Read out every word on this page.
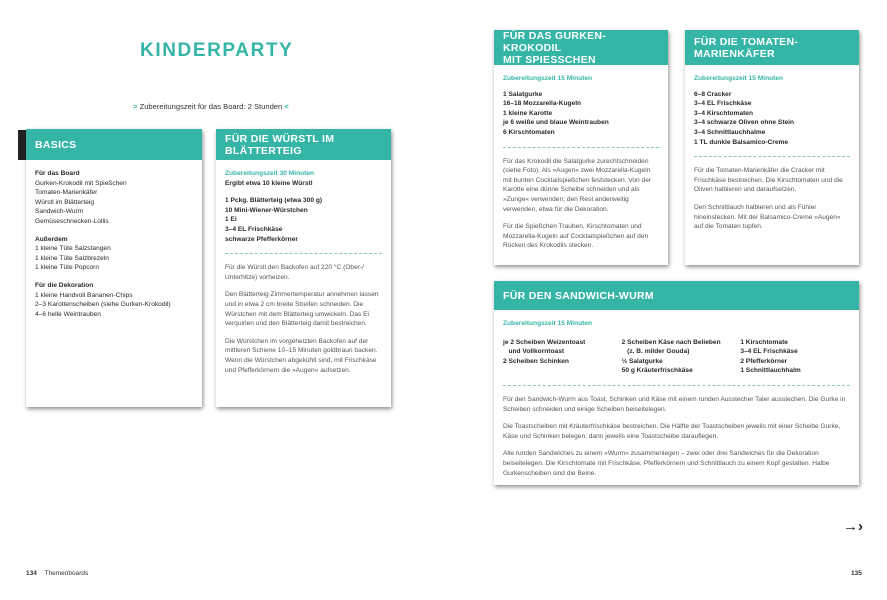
KINDERPARTY
> Zubereitungszeit für das Board: 2 Stunden <
BASICS
Für das Board
Gurken-Krokodil mit Spießchen
Tomaten-Marienkäfer
Würstl im Blätterteig
Sandwich-Wurm
Gemüseschnecken-Lollis
Außerdem
1 kleine Tüte Salzstangen
1 kleine Tüte Salzbrezeln
1 kleine Tüte Popcorn
Für die Dekoration
1 kleine Handvoll Bananen-Chips
2–3 Karottenscheiben (siehe Gurken-Krokodil)
4–6 helle Weintrauben
FÜR DIE WÜRSTL IM BLÄTTERTEIG
Zubereitungszeit 30 Minuten
Ergibt etwa 10 kleine Würstl
1 Pckg. Blätterteig (etwa 300 g)
10 Mini-Wiener-Würstchen
1 Ei
3–4 EL Frischkäse
schwarze Pfefferkörner

Für die Würstl den Backofen auf 220 °C (Ober-/ Unterhitze) vorheizen.

Den Blätterteig Zimmertemperatur annehmen lassen und in etwa 2 cm breite Streifen schneiden. Die Würstchen mit dem Blätterteig umwickeln. Das Ei verquirlen und den Blätterteig damit bestreichen.

Die Würstchen im vorgeheizten Backofen auf der mittleren Schiene 10–15 Minuten goldbraun backen. Wenn die Würstchen abgekühlt sind, mit Frischkäse und Pfefferkörnern die »Augen« aufsetzen.

FÜR DAS GURKEN-KROKODIL
MIT SPIESSCHEN
Zubereitungszeit 15 Minuten
1 Salatgurke
16–18 Mozzarella-Kugeln
1 kleine Karotte
je 6 weiße und blaue Weintrauben
6 Kirschtomaten

Für das Krokodil die Salatgurke zurechtschneiden (siehe Foto). Als »Augen« zwei Mozzarella-Kugeln mit bunten Cocktailspießchen feststecken. Von der Karotte eine dünne Scheibe schneiden und als »Zunge« verwenden; den Rest anderweitig verwenden, etwa für die Dekoration.

Für die Spießchen Trauben, Kirschtomaten und Mozzarella-Kugeln auf Cocktailspießchen auf den Rücken des Krokodils stecken.

FÜR DIE TOMATEN-
MARIENKÄFER
Zubereitungszeit 15 Minuten
6–8 Cracker
3–4 EL Frischkäse
3–4 Kirschtomaten
3–4 schwarze Oliven ohne Stein
3–4 Schnittlauchhalme
1 TL dunkle Balsamico-Creme

Für die Tomaten-Marienkäfer die Cracker mit Frischkäse bestreichen. Die Kirschtomaten und die Oliven halbieren und daraufsetzen.

Den Schnittlauch halbieren und als Fühler hineinstecken. Mit der Balsamico-Creme »Augen« auf die Tomaten tupfen.

FÜR DEN SANDWICH-WURM
Zubereitungszeit 15 Minuten
je 2 Scheiben Weizentoast
und Vollkorntoast
2 Scheiben Schinken
2 Scheiben Käse nach Belieben
(z. B. milder Gouda)
½ Salatgurke
50 g Kräuterfrischkäse
1 Kirschtomate
3–4 EL Frischkäse
2 Pfefferkörner
1 Schnittlauchhalm

Für den Sandwich-Wurm aus Toast, Schinken und Käse mit einem runden Ausstecher Taler ausstechen. Die Gurke in Scheiben schneiden und einige Scheiben beiseitelegen.

Die Toastscheiben mit Kräuterfrischkäse bestreichen. Die Hälfte der Toastscheiben jeweils mit einer Scheibe Gurke, Käse und Schinken belegen, dann jeweils eine Toastscheibe darauflegen.

Alle runden Sandwiches zu einem »Wurm« zusammenlegen – zwei oder drei Sandwiches für die Dekoration beiseitelegen. Die Kirschtomate mit Frischkäse, Pfefferkörnern und Schnittlauch zu einem Kopf gestalten. Halbe Gurkenscheiben sind die Beine.

→›
134 Themenboards	135
